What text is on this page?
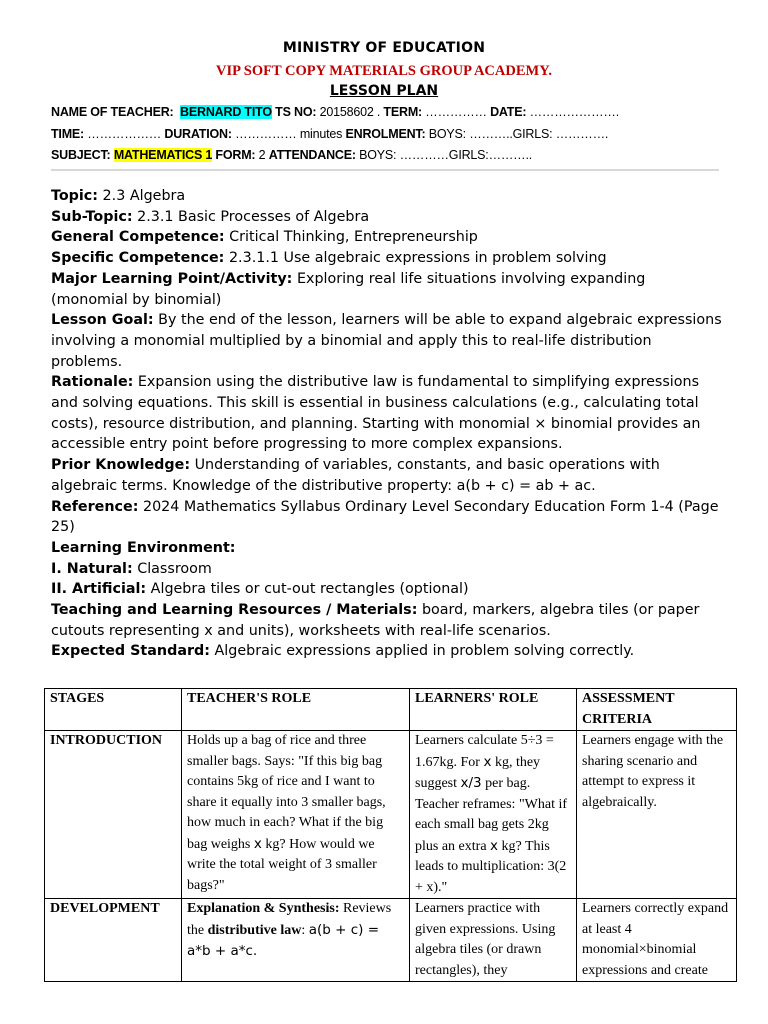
MINISTRY OF EDUCATION
VIP SOFT COPY MATERIALS GROUP ACADEMY.
LESSON PLAN
NAME OF TEACHER: BERNARD TITO TS NO: 20158602 . TERM: …………… DATE: ………………….
TIME: ……………… DURATION: …………… minutes ENROLMENT: BOYS: ………..GIRLS: ………….
SUBJECT: MATHEMATICS 1 FORM: 2 ATTENDANCE: BOYS: …………GIRLS:………..

Topic: 2.3 Algebra

Sub-Topic: 2.3.1 Basic Processes of Algebra

General Competence: Critical Thinking, Entrepreneurship

Specific Competence: 2.3.1.1 Use algebraic expressions in problem solving

Major Learning Point/Activity: Exploring real life situations involving expanding (monomial by binomial)

Lesson Goal: By the end of the lesson, learners will be able to expand algebraic expressions involving a monomial multiplied by a binomial and apply this to real-life distribution problems.

Rationale: Expansion using the distributive law is fundamental to simplifying expressions and solving equations. This skill is essential in business calculations (e.g., calculating total costs), resource distribution, and planning. Starting with monomial × binomial provides an accessible entry point before progressing to more complex expansions.

Prior Knowledge: Understanding of variables, constants, and basic operations with algebraic terms. Knowledge of the distributive property: a(b + c) = ab + ac.

Reference: 2024 Mathematics Syllabus Ordinary Level Secondary Education Form 1-4 (Page 25)

Learning Environment:

I. Natural: Classroom

II. Artificial: Algebra tiles or cut-out rectangles (optional)

Teaching and Learning Resources / Materials: board, markers, algebra tiles (or paper cutouts representing x and units), worksheets with real-life scenarios.

Expected Standard: Algebraic expressions applied in problem solving correctly.

STAGES	TEACHER'S ROLE	LEARNERS' ROLE	ASSESSMENT CRITERIA
INTRODUCTION	Holds up a bag of rice and three smaller bags. Says: "If this big bag contains 5kg of rice and I want to share it equally into 3 smaller bags, how much in each? What if the big bag weighs x kg? How would we write the total weight of 3 smaller bags?"	Learners calculate 5÷3 = 1.67kg. For x kg, they suggest x/3 per bag. Teacher reframes: "What if each small bag gets 2kg plus an extra x kg? This leads to multiplication: 3(2 + x)."	Learners engage with the sharing scenario and attempt to express it algebraically.
DEVELOPMENT	Explanation & Synthesis: Reviews the distributive law: a(b + c) = a*b + a*c.	Learners practice with given expressions. Using algebra tiles (or drawn rectangles), they	Learners correctly expand at least 4 monomial×binomial expressions and create
